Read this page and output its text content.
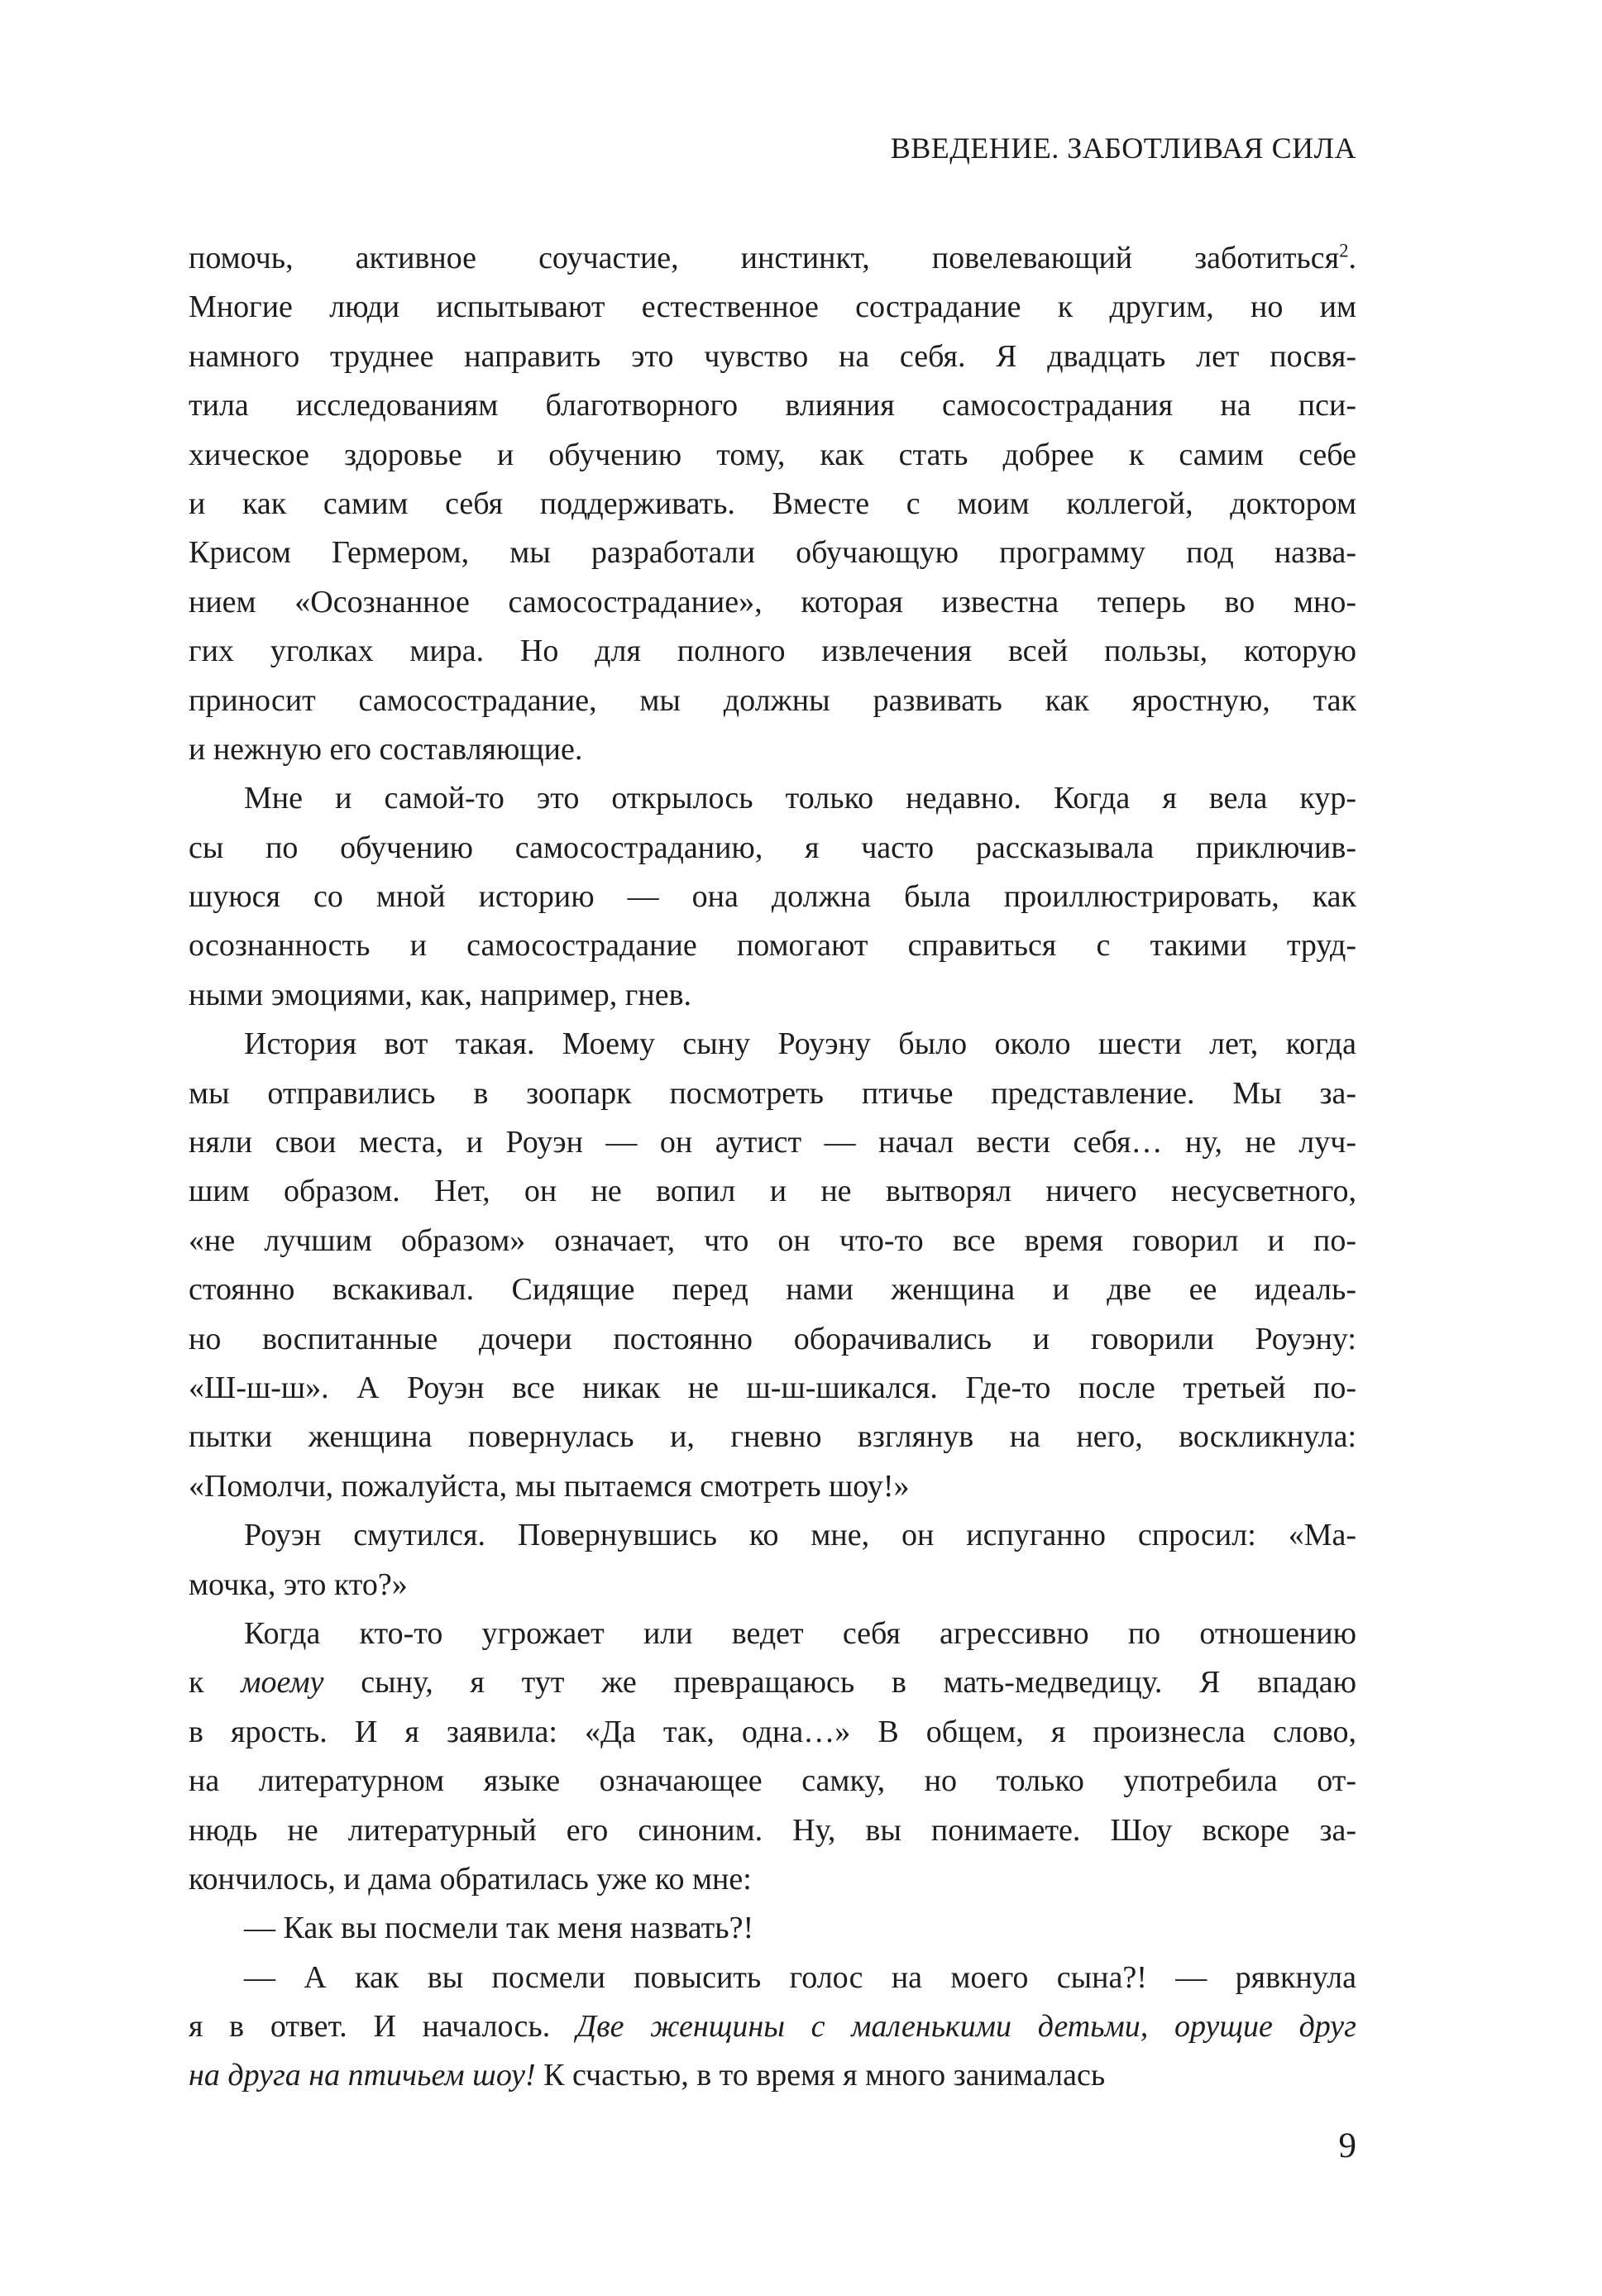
ВВЕДЕНИЕ. ЗАБОТЛИВАЯ СИЛА
помочь, активное соучастие, инстинкт, повелевающий заботиться$^2$.
Многие люди испытывают естественное сострадание к другим, но им
намного труднее направить это чувство на себя. Я двадцать лет посвя-
тила исследованиям благотворного влияния самосострадания на пси-
хическое здоровье и обучению тому, как стать добрее к самим себе
и как самим себя поддерживать. Вместе с моим коллегой, доктором
Крисом Гермером, мы разработали обучающую программу под назва-
нием «Осознанное самосострадание», которая известна теперь во мно-
гих уголках мира. Но для полного извлечения всей пользы, которую
приносит самосострадание, мы должны развивать как яростную, так
и нежную его составляющие.
Мне и самой-то это открылось только недавно. Когда я вела кур-
сы по обучению самосостраданию, я часто рассказывала приключив-
шуюся со мной историю — она должна была проиллюстрировать, как
осознанность и самосострадание помогают справиться с такими труд-
ными эмоциями, как, например, гнев.
История вот такая. Моему сыну Роуэну было около шести лет, когда
мы отправились в зоопарк посмотреть птичье представление. Мы за-
няли свои места, и Роуэн — он аутист — начал вести себя… ну, не луч-
шим образом. Нет, он не вопил и не вытворял ничего несусветного,
«не лучшим образом» означает, что он что-то все время говорил и по-
стоянно вскакивал. Сидящие перед нами женщина и две ее идеаль-
но воспитанные дочери постоянно оборачивались и говорили Роуэну:
«Ш-ш-ш». А Роуэн все никак не ш-ш-шикался. Где-то после третьей по-
пытки женщина повернулась и, гневно взглянув на него, воскликнула:
«Помолчи, пожалуйста, мы пытаемся смотреть шоу!»
Роуэн смутился. Повернувшись ко мне, он испуганно спросил: «Ма-
мочка, это кто?»
Когда кто-то угрожает или ведет себя агрессивно по отношению
к моему сыну, я тут же превращаюсь в мать-медведицу. Я впадаю
в ярость. И я заявила: «Да так, одна…» В общем, я произнесла слово,
на литературном языке означающее самку, но только употребила от-
нюдь не литературный его синоним. Ну, вы понимаете. Шоу вскоре за-
кончилось, и дама обратилась уже ко мне:
— Как вы посмели так меня назвать?!
— А как вы посмели повысить голос на моего сына?! — рявкнула
я в ответ. И началось. Две женщины с маленькими детьми, орущие друг
на друга на птичьем шоу! К счастью, в то время я много занималась
9
